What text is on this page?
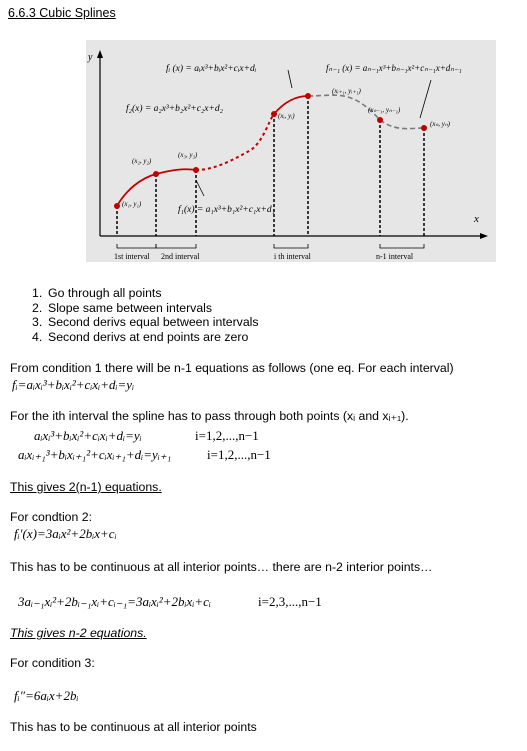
6.6.3 Cubic Splines
y
x
fᵢ (x) = aᵢx³+bᵢx²+cᵢx+dᵢ	fₙ₋₁ (x) = aₙ₋₁x³+bₙ₋₁x²+cₙ₋₁x+dₙ₋₁
f₂(x) = a₂x³+b₂x²+c₂x+d₂
f₁(x) = a₁x³+b₁x²+c₁x+d₁
(x₁, y₁)
(x₂, y₂)
(x₃, y₃)
(xᵢ, yᵢ)
(xᵢ₊₁, yᵢ₊₁)
(xₙ₋₁, yₙ₋₁)
(xₙ, yₙ)
1st interval 2nd interval	i th interval	n-1 interval
1. Go through all points
2. Slope same between intervals
3. Second derivs equal between intervals
4. Second derivs at end points are zero
From condition 1 there will be n-1 equations as follows (one eq. For each interval)
fᵢ=aᵢxᵢ³+bᵢxᵢ²+cᵢxᵢ+dᵢ=yᵢ
For the ith interval the spline has to pass through both points (xᵢ and xᵢ₊₁).
aᵢxᵢ³+bᵢxᵢ²+cᵢxᵢ+dᵢ=yᵢ	i=1,2,...,n−1
aᵢxᵢ₊₁³+bᵢxᵢ₊₁²+cᵢxᵢ₊₁+dᵢ=yᵢ₊₁	i=1,2,...,n−1
This gives 2(n-1) equations.
For condtion 2:
fᵢ′(x)=3aᵢx²+2bᵢx+cᵢ
This has to be continuous at all interior points… there are n-2 interior points…
3aᵢ₋₁xᵢ²+2bᵢ₋₁xᵢ+cᵢ₋₁=3aᵢxᵢ²+2bᵢxᵢ+cᵢ	i=2,3,...,n−1
This gives n-2 equations.
For condition 3:
fᵢ″=6aᵢx+2bᵢ
This has to be continuous at all interior points
